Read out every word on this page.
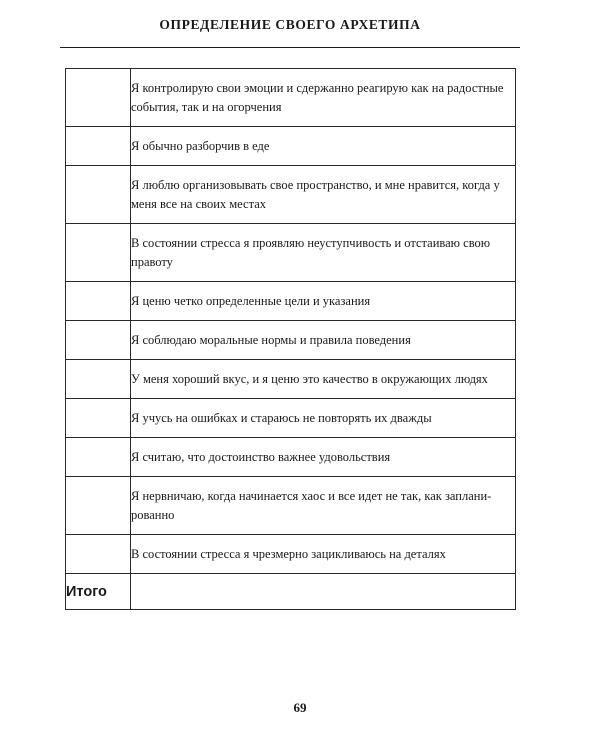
ОПРЕДЕЛЕНИЕ СВОЕГО АРХЕТИПА
	Я контролирую свои эмоции и сдержанно реагирую как на радостные события, так и на огорчения
	Я обычно разборчив в еде
	Я люблю организовывать свое пространство, и мне нравится, когда у меня все на своих местах
	В состоянии стресса я проявляю неуступчивость и отстаиваю свою правоту
	Я ценю четко определенные цели и указания
	Я соблюдаю моральные нормы и правила поведения
	У меня хороший вкус, и я ценю это качество в окружающих людях
	Я учусь на ошибках и стараюсь не повторять их дважды
	Я считаю, что достоинство важнее удовольствия
	Я нервничаю, когда начинается хаос и все идет не так, как заплани-рованно
	В состоянии стресса я чрезмерно зацикливаюсь на деталях
Итого	
69
